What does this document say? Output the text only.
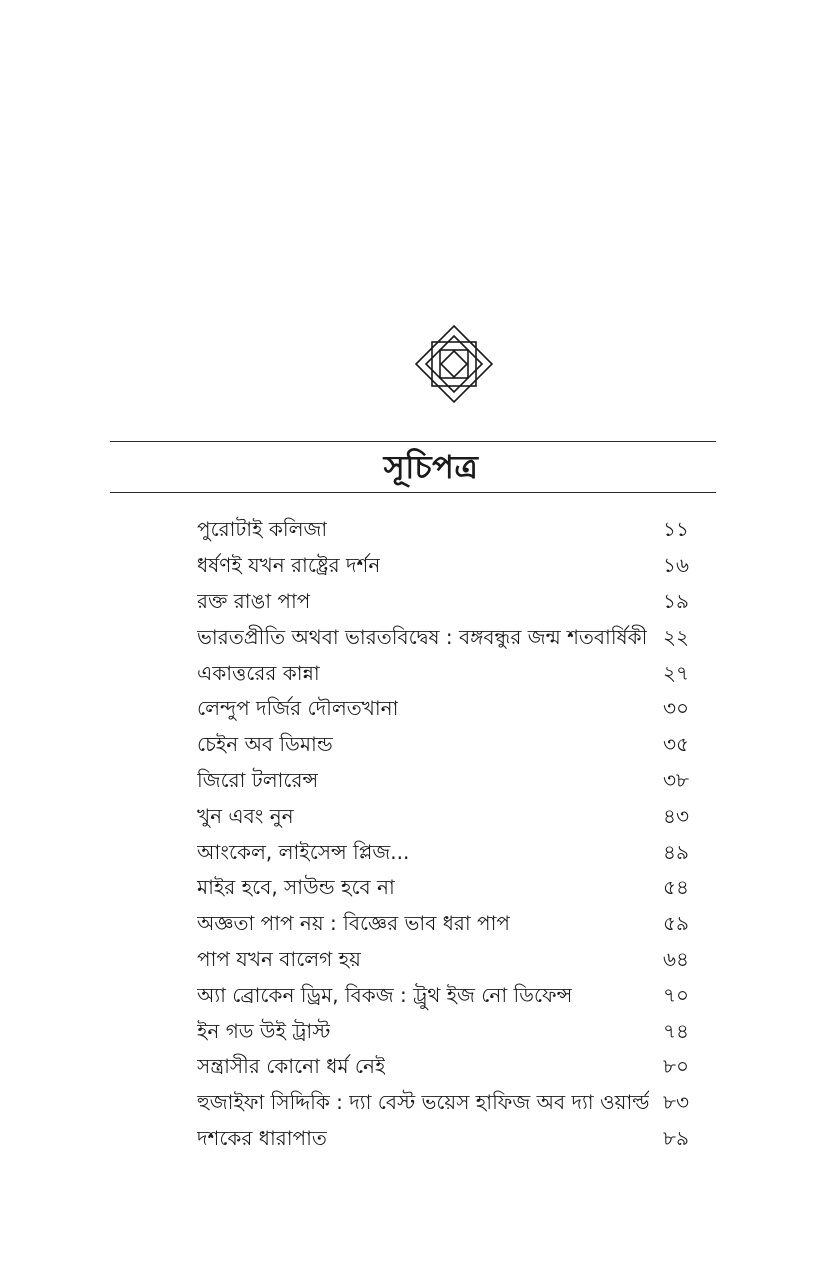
সূচিপত্র
পুরোটাই কলিজা	১১
ধর্ষণই যখন রাষ্ট্রের দর্শন	১৬
রক্ত রাঙা পাপ	১৯
ভারতপ্রীতি অথবা ভারতবিদ্বেষ : বঙ্গবন্ধুর জন্ম শতবার্ষিকী ২২
একাত্তরের কান্না	২৭
লেন্দুপ দর্জির দৌলতখানা	৩০
চেইন অব ডিমান্ড	৩৫
জিরো টলারেন্স	৩৮
খুন এবং নুন	৪৩
আংকেল, লাইসেন্স প্লিজ...	৪৯
মাইর হবে, সাউন্ড হবে না	৫৪
অজ্ঞতা পাপ নয় : বিজ্ঞের ভাব ধরা পাপ	৫৯
পাপ যখন বালেগ হয়	৬৪
অ্যা ব্রোকেন ড্রিম, বিকজ : ট্রুথ ইজ নো ডিফেন্স	৭০
ইন গড উই ট্রাস্ট	৭৪
সন্ত্রাসীর কোনো ধর্ম নেই	৮০
হুজাইফা সিদ্দিকি : দ্যা বেস্ট ভয়েস হাফিজ অব দ্যা ওয়ার্ল্ড ৮৩
দশকের ধারাপাত	৮৯
